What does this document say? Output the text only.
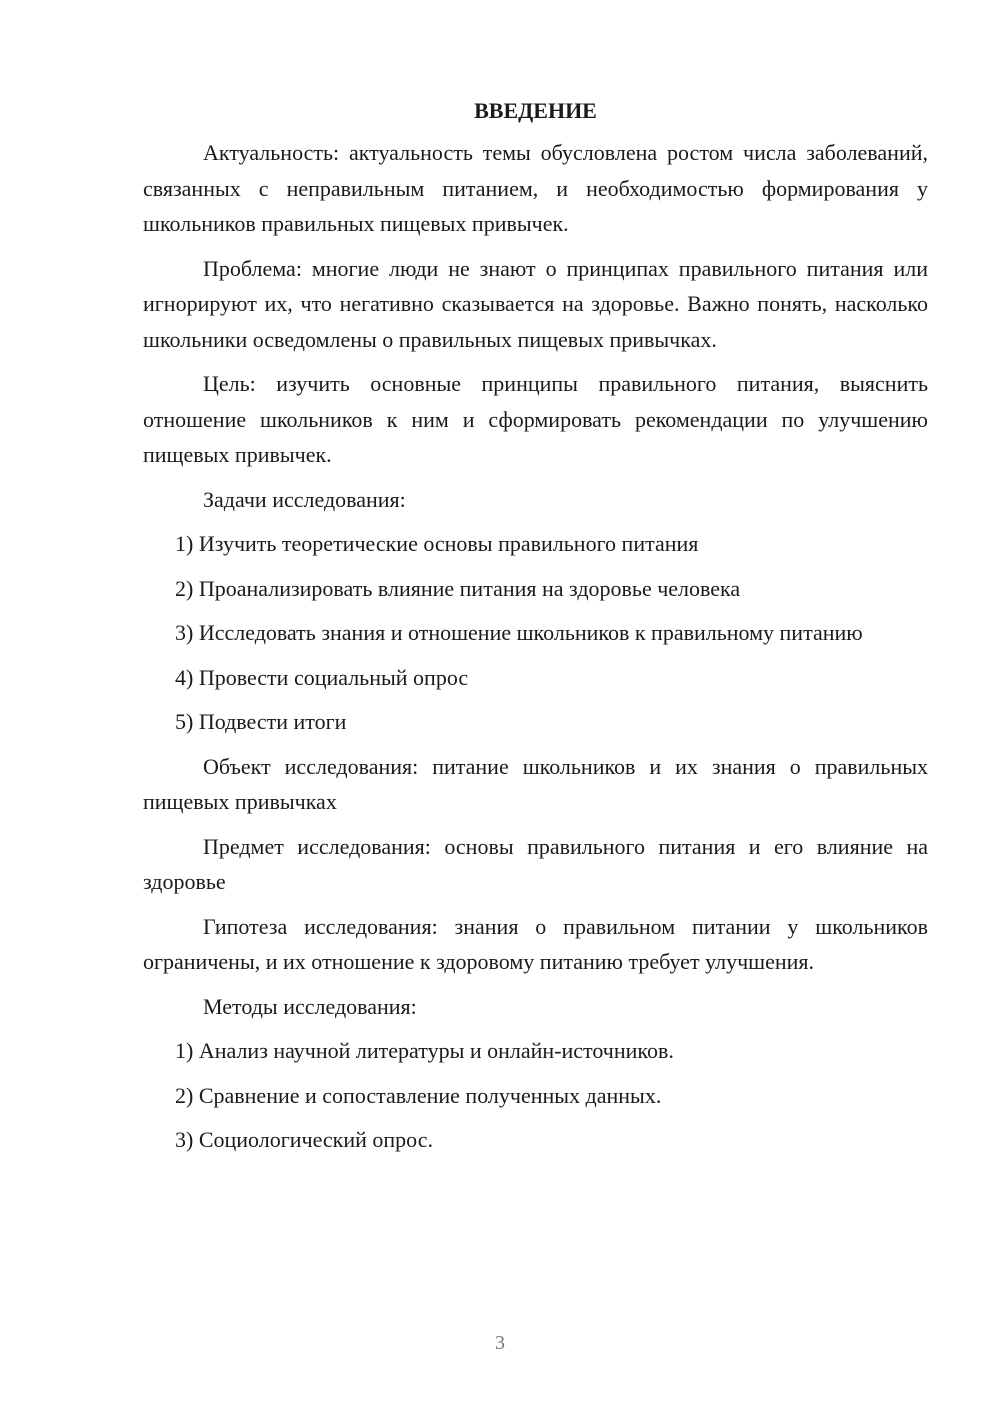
ВВЕДЕНИЕ

Актуальность: актуальность темы обусловлена ростом числа заболеваний, связанных с неправильным питанием, и необходимостью формирования у школьников правильных пищевых привычек.

Проблема: многие люди не знают о принципах правильного питания или игнорируют их, что негативно сказывается на здоровье. Важно понять, насколько школьники осведомлены о правильных пищевых привычках.

Цель: изучить основные принципы правильного питания, выяснить отношение школьников к ним и сформировать рекомендации по улучшению пищевых привычек.

Задачи исследования:

1) Изучить теоретические основы правильного питания

2) Проанализировать влияние питания на здоровье человека

3) Исследовать знания и отношение школьников к правильному питанию

4) Провести социальный опрос

5) Подвести итоги

Объект исследования: питание школьников и их знания о правильных пищевых привычках

Предмет исследования: основы правильного питания и его влияние на здоровье

Гипотеза исследования: знания о правильном питании у школьников ограничены, и их отношение к здоровому питанию требует улучшения.

Методы исследования:

1) Анализ научной литературы и онлайн-источников.

2) Сравнение и сопоставление полученных данных.

3) Социологический опрос.

3
